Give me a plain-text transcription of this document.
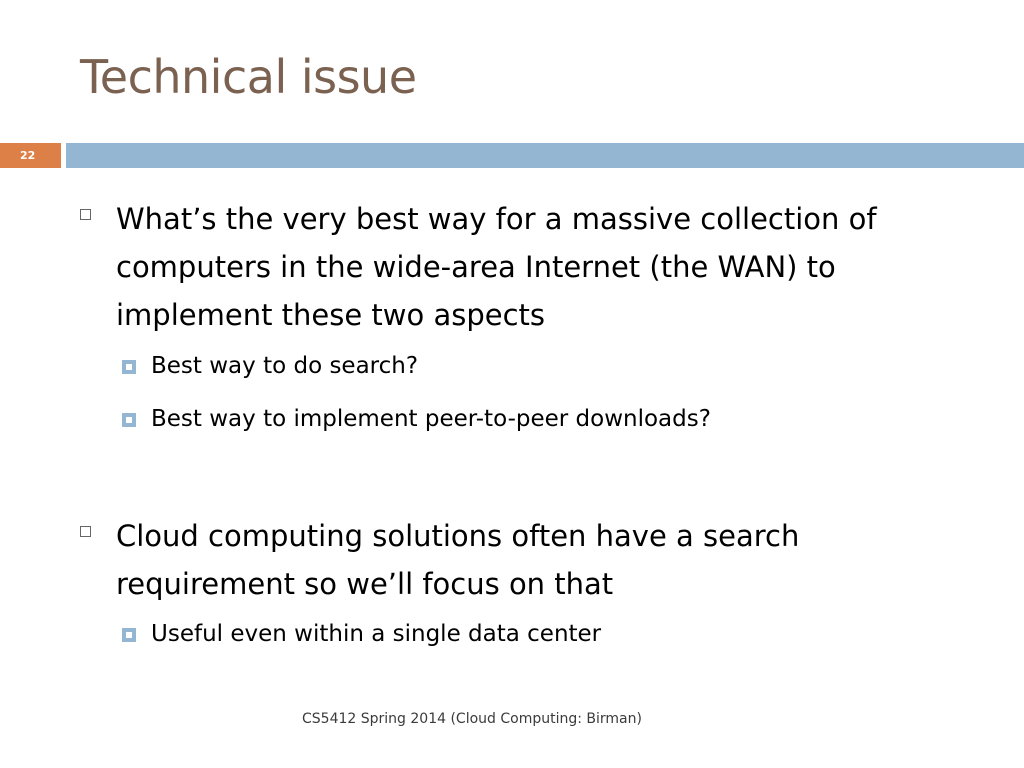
Technical issue
22
What’s the very best way for a massive collection of computers in the wide-area Internet (the WAN) to implement these two aspects
Best way to do search?
Best way to implement peer-to-peer downloads?
Cloud computing solutions often have a search requirement so we’ll focus on that
Useful even within a single data center
CS5412 Spring 2014 (Cloud Computing: Birman)
